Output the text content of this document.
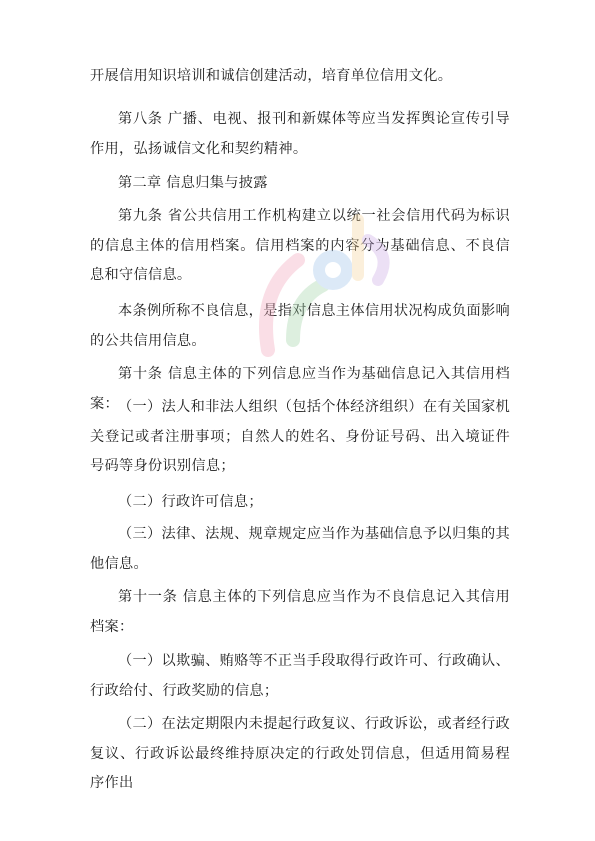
开展信用知识培训和诚信创建活动，培育单位信用文化。

第八条 广播、电视、报刊和新媒体等应当发挥舆论宣传引导作用，弘扬诚信文化和契约精神。

第二章 信息归集与披露

第九条 省公共信用工作机构建立以统一社会信用代码为标识的信息主体的信用档案。信用档案的内容分为基础信息、不良信息和守信信息。

本条例所称不良信息，是指对信息主体信用状况构成负面影响的公共信用信息。

第十条 信息主体的下列信息应当作为基础信息记入其信用档案： （一）法人和非法人组织（包括个体经济组织）在有关国家机关登记或者注册事项；自然人的姓名、身份证号码、出入境证件号码等身份识别信息；

（二）行政许可信息；

（三）法律、法规、规章规定应当作为基础信息予以归集的其他信息。

第十一条 信息主体的下列信息应当作为不良信息记入其信用档案：

（一）以欺骗、贿赂等不正当手段取得行政许可、行政确认、行政给付、行政奖励的信息；

（二）在法定期限内未提起行政复议、行政诉讼，或者经行政复议、行政诉讼最终维持原决定的行政处罚信息，但适用简易程序作出
